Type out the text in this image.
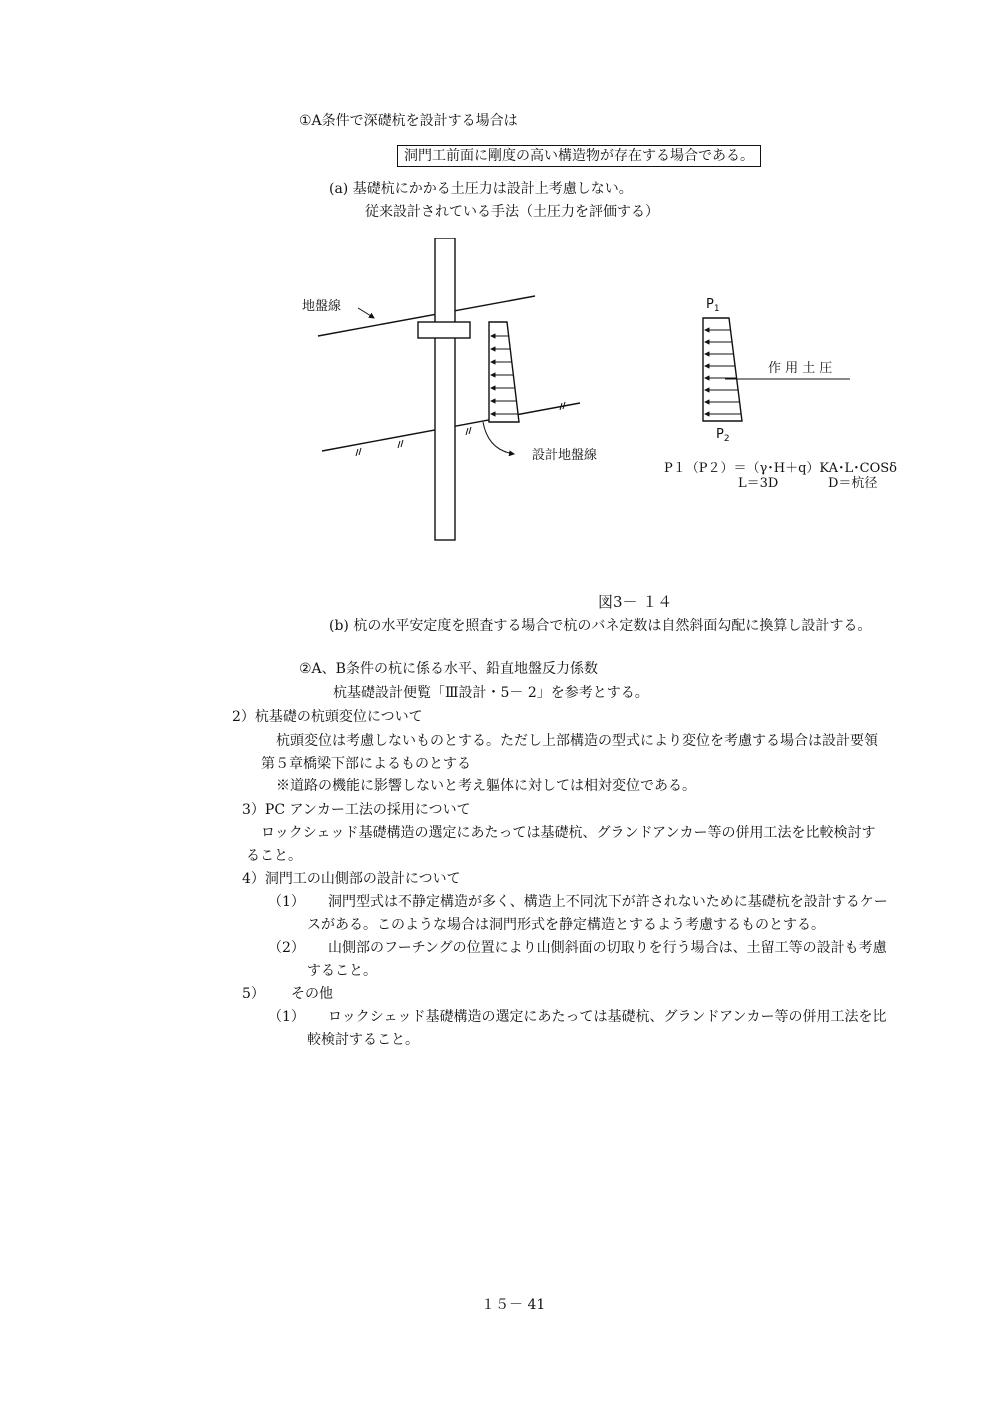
①A条件で深礎杭を設計する場合は
洞門工前面に剛度の高い構造物が存在する場合である。
(a) 基礎杭にかかる土圧力は設計上考慮しない。
従来設計されている手法（土圧力を評価する）
地盤線
設計地盤線
$P_1$
$P_2$
作 用 土 圧
P１（P２）＝（γ･H＋q）KA･L･COSδ
L＝3D	D＝杭径
図3－ １４
(b) 杭の水平安定度を照査する場合で杭のバネ定数は自然斜面勾配に換算し設計する。
②A、B条件の杭に係る水平、鉛直地盤反力係数
杭基礎設計便覧「Ⅲ設計・5－ 2」を参考とする。
2）杭基礎の杭頭変位について
杭頭変位は考慮しないものとする。ただし上部構造の型式により変位を考慮する場合は設計要領
第５章橋梁下部によるものとする
※道路の機能に影響しないと考え軀体に対しては相対変位である。
3）PC アンカー工法の採用について
ロックシェッド基礎構造の選定にあたっては基礎杭、グランドアンカー等の併用工法を比較検討す
ること。
4）洞門工の山側部の設計について
（1） 洞門型式は不静定構造が多く、構造上不同沈下が許されないために基礎杭を設計するケー
スがある。このような場合は洞門形式を静定構造とするよう考慮するものとする。
（2） 山側部のフーチングの位置により山側斜面の切取りを行う場合は、土留工等の設計も考慮
すること。
5） その他
（1） ロックシェッド基礎構造の選定にあたっては基礎杭、グランドアンカー等の併用工法を比
較検討すること。
１５－ 41
